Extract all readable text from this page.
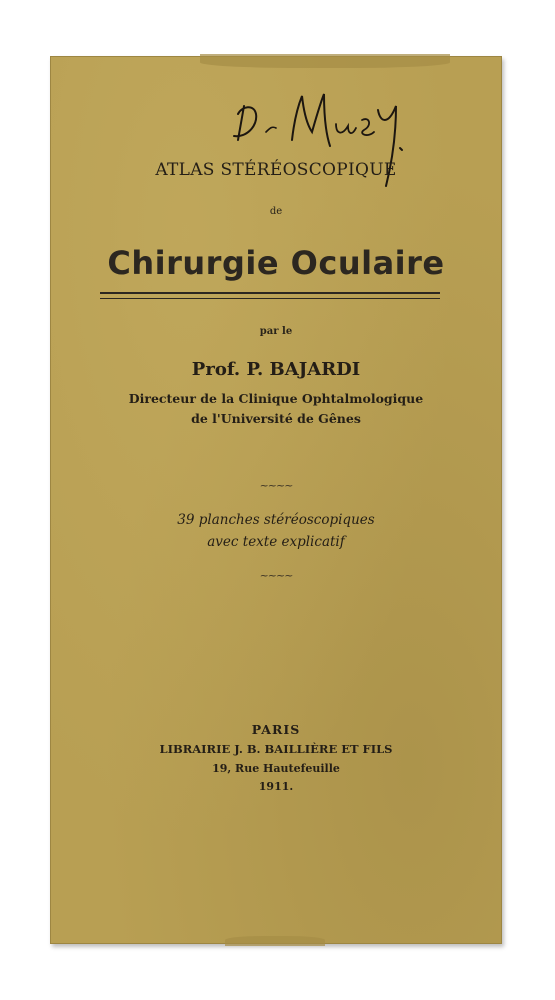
ATLAS STÉRÉOSCOPIQUE
de
Chirurgie Oculaire
par le
Prof. P. BAJARDI
Directeur de la Clinique Ophtalmologique
de l'Université de Gênes
~~~~
39 planches stéréoscopiques
avec texte explicatif
~~~~
PARIS
LIBRAIRIE J. B. BAILLIÈRE ET FILS
19, Rue Hautefeuille
1911.
